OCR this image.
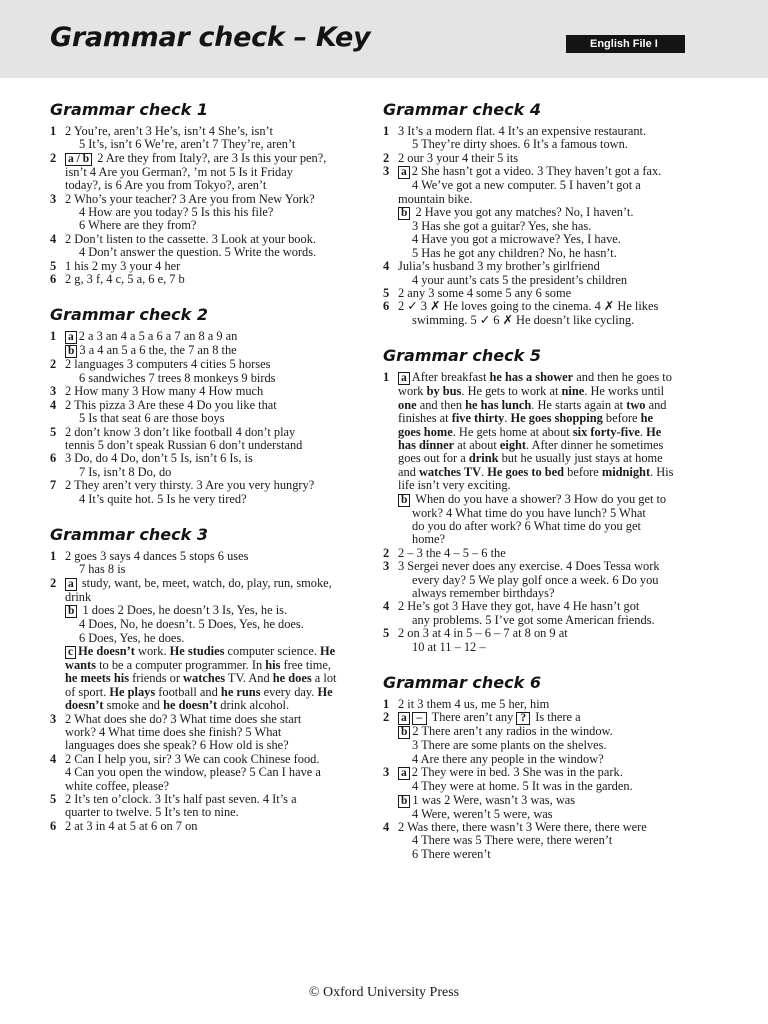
Grammar check – Key	English File I
Grammar check 1
1 2 You’re, aren’t 3 He’s, isn’t 4 She’s, isn’t
5 It’s, isn’t 6 We’re, aren’t 7 They’re, aren’t
2	a / b 2 Are they from Italy?, are 3 Is this your pen?,
isn’t 4 Are you German?, ’m not 5 Is it Friday
today?, is 6 Are you from Tokyo?, aren’t
3 2 Who’s your teacher? 3 Are you from New York?
4 How are you today? 5 Is this his file?
6 Where are they from?
4 2 Don’t listen to the cassette. 3 Look at your book.
4 Don’t answer the question. 5 Write the words.
5 1 his 2 my 3 your 4 her
6 2 g, 3 f, 4 c, 5 a, 6 e, 7 b
Grammar check 2
1	a 2 a 3 an 4 a 5 a 6 a 7 an 8 a 9 an
b 3 a 4 an 5 a 6 the, the 7 an 8 the
2 2 languages 3 computers 4 cities 5 horses
6 sandwiches 7 trees 8 monkeys 9 birds
3 2 How many 3 How many 4 How much
4 2 This pizza 3 Are these 4 Do you like that
5 Is that seat 6 are those boys
5 2 don’t know 3 don’t like football 4 don’t play
tennis 5 don’t speak Russian 6 don’t understand
6 3 Do, do 4 Do, don’t 5 Is, isn’t 6 Is, is
7 Is, isn’t 8 Do, do
7 2 They aren’t very thirsty. 3 Are you very hungry?
4 It’s quite hot. 5 Is he very tired?
Grammar check 3
1 2 goes 3 says 4 dances 5 stops 6 uses
7 has 8 is
2	a study, want, be, meet, watch, do, play, run, smoke,
drink
b 1 does 2 Does, he doesn’t 3 Is, Yes, he is.
4 Does, No, he doesn’t. 5 Does, Yes, he does.
6 Does, Yes, he does.
c He doesn’t work. He studies computer science. He
wants to be a computer programmer. In his free time,
he meets his friends or watches TV. And he does a lot
of sport. He plays football and he runs every day. He
doesn’t smoke and he doesn’t drink alcohol.
3 2 What does she do? 3 What time does she start
work? 4 What time does she finish? 5 What
languages does she speak? 6 How old is she?
4 2 Can I help you, sir? 3 We can cook Chinese food.
4 Can you open the window, please? 5 Can I have a
white coffee, please?
5 2 It’s ten o’clock. 3 It’s half past seven. 4 It’s a
quarter to twelve. 5 It’s ten to nine.
6 2 at 3 in 4 at 5 at 6 on 7 on
Grammar check 4
1 3 It’s a modern flat. 4 It’s an expensive restaurant.
5 They’re dirty shoes. 6 It’s a famous town.
2 2 our 3 your 4 their 5 its
3	a 2 She hasn’t got a video. 3 They haven’t got a fax.
4 We’ve got a new computer. 5 I haven’t got a
mountain bike.
b 2 Have you got any matches? No, I haven’t.
3 Has she got a guitar? Yes, she has.
4 Have you got a microwave? Yes, I have.
5 Has he got any children? No, he hasn’t.
4 Julia’s husband 3 my brother’s girlfriend
4 your aunt’s cats 5 the president’s children
5 2 any 3 some 4 some 5 any 6 some
6 2 ✓ 3 ✗ He loves going to the cinema. 4 ✗ He likes
swimming. 5 ✓ 6 ✗ He doesn’t like cycling.
Grammar check 5
1	a After breakfast he has a shower and then he goes to
work by bus. He gets to work at nine. He works until
one and then he has lunch. He starts again at two and
finishes at five thirty. He goes shopping before he
goes home. He gets home at about six forty-five. He
has dinner at about eight. After dinner he sometimes
goes out for a drink but he usually just stays at home
and watches TV. He goes to bed before midnight. His
life isn’t very exciting.
b When do you have a shower? 3 How do you get to
work? 4 What time do you have lunch? 5 What
do you do after work? 6 What time do you get
home?
2 2 – 3 the 4 – 5 – 6 the
3 3 Sergei never does any exercise. 4 Does Tessa work
every day? 5 We play golf once a week. 6 Do you
always remember birthdays?
4 2 He’s got 3 Have they got, have 4 He hasn’t got
any problems. 5 I’ve got some American friends.
5 2 on 3 at 4 in 5 – 6 – 7 at 8 on 9 at
10 at 11 – 12 –
Grammar check 6
1 2 it 3 them 4 us, me 5 her, him
2	a – There aren’t any ? Is there a
b 2 There aren’t any radios in the window.
3 There are some plants on the shelves.
4 Are there any people in the window?
3	a 2 They were in bed. 3 She was in the park.
4 They were at home. 5 It was in the garden.
b 1 was 2 Were, wasn’t 3 was, was
4 Were, weren’t 5 were, was
4 2 Was there, there wasn’t 3 Were there, there were
4 There was 5 There were, there weren’t
6 There weren’t
© Oxford University Press
